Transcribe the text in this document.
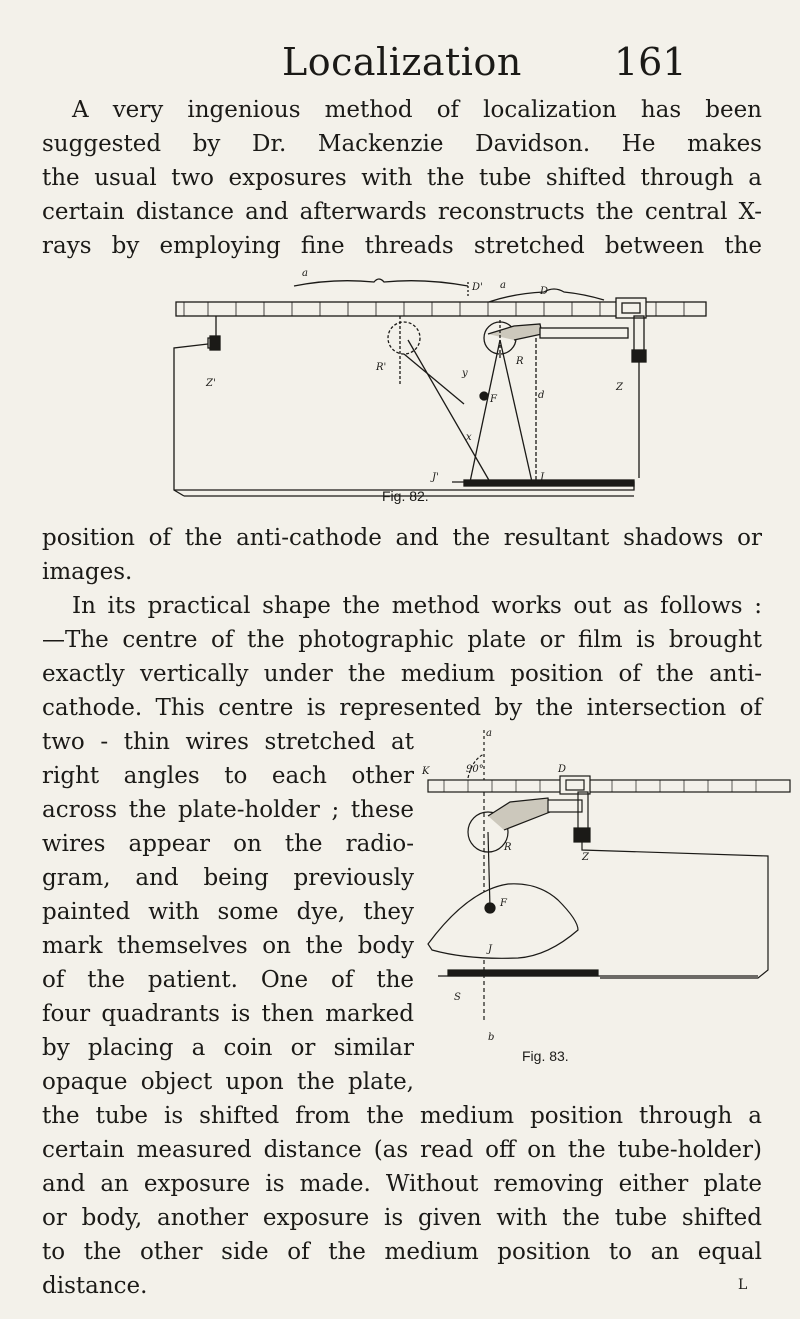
Localization 161
A very ingenious method of localization has been
suggested by Dr. Mackenzie Davidson. He makes
the usual two exposures with the tube shifted through a
certain distance and afterwards reconstructs the central X-
rays by employing fine threads stretched between the
a
D' a
D
Z'
R'
y
R
d
Z
F
x
J'	J
Fig. 82.
position of the anti-cathode and the resultant shadows or
images.
In its practical shape the method works out as follows :
—The centre of the photographic plate or film is brought
exactly vertically under the medium position of the anti-
cathode. This centre is represented by the intersection of
two - thin wires stretched at
right angles to each other
across the plate-holder ; these
wires appear on the radio-
gram, and being previously
painted with some dye, they
mark themselves on the body
of the patient. One of the
four quadrants is then marked
by placing a coin or similar
opaque object upon the plate,
a
K	90°	D
R
Z
F
J
S
b
Fig. 83.
the tube is shifted from the medium position through a
certain measured distance (as read off on the tube-holder)
and an exposure is made. Without removing either plate
or body, another exposure is given with the tube shifted
to the other side of the medium position to an equal
distance.	L
